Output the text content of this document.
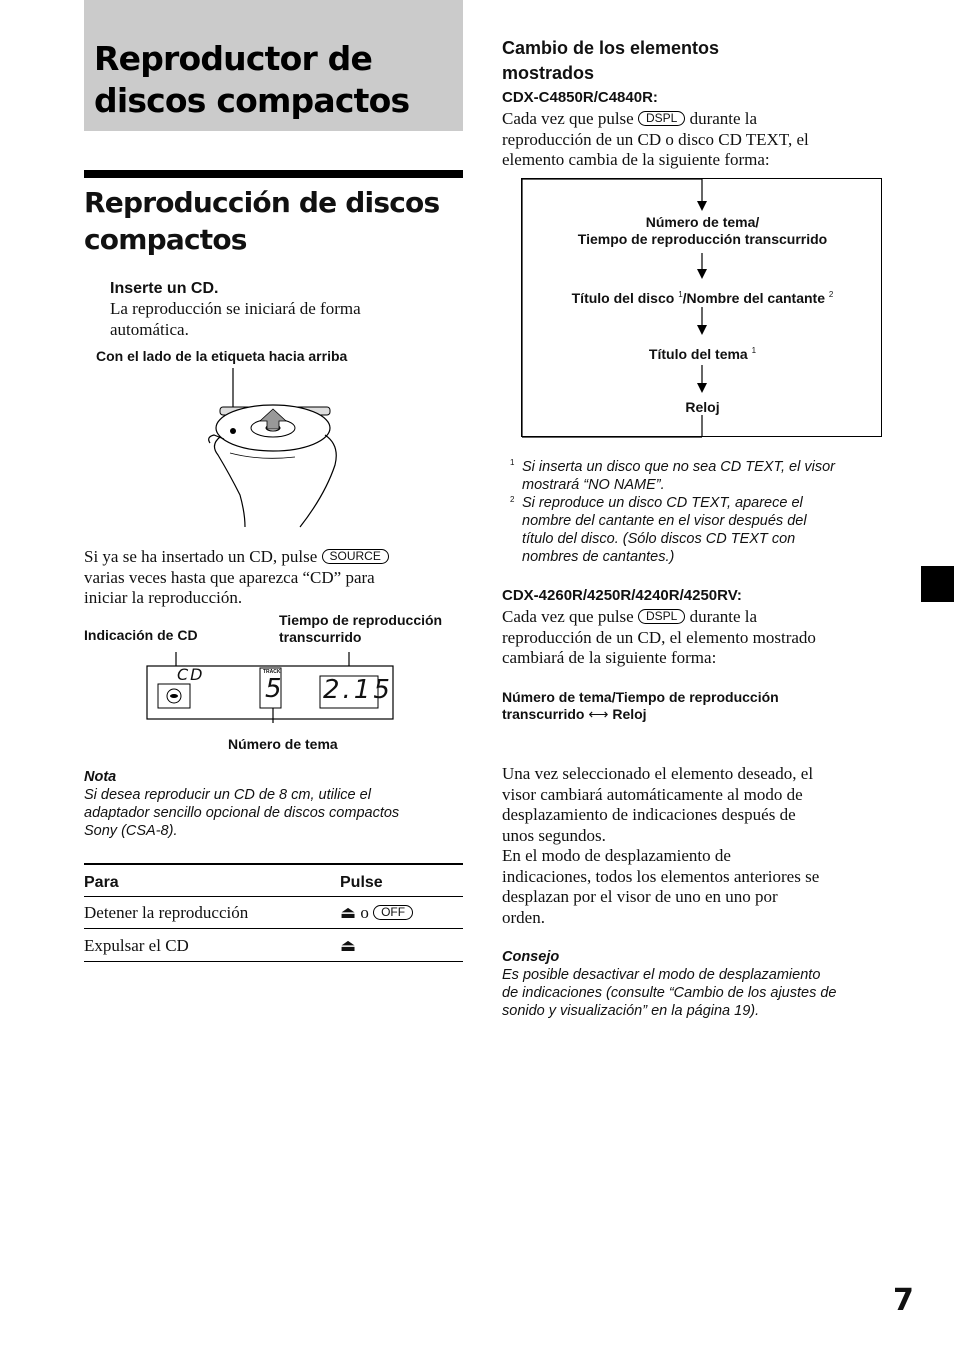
Reproductor de
discos compactos
Reproducción de discos
compactos
Inserte un CD.
La reproducción se iniciará de forma
automática.
Con el lado de la etiqueta hacia arriba
Si ya se ha insertado un CD, pulse SOURCE
varias veces hasta que aparezca “CD” para
iniciar la reproducción.
Indicación de CD
Tiempo de reproducción
transcurrido
CD	TRACK
5 2.15
Número de tema
Nota
Si desea reproducir un CD de 8 cm, utilice el
adaptador sencillo opcional de discos compactos
Sony (CSA-8).
Para	Pulse
Detener la reproducción	⏏ o OFF
Expulsar el CD	⏏
Cambio de los elementos
mostrados
CDX-C4850R/C4840R:
Cada vez que pulse DSPL durante la
reproducción de un CD o disco CD TEXT, el
elemento cambia de la siguiente forma:
Número de tema/
Tiempo de reproducción transcurrido
Título del disco $^1$/Nombre del cantante $^2$
Título del tema $^1$
Reloj
1 Si inserta un disco que no sea CD TEXT, el visor
mostrará “NO NAME”.
2 Si reproduce un disco CD TEXT, aparece el
nombre del cantante en el visor después del
título del disco. (Sólo discos CD TEXT con
nombres de cantantes.)
CDX-4260R/4250R/4240R/4250RV:
Cada vez que pulse DSPL durante la
reproducción de un CD, el elemento mostrado
cambiará de la siguiente forma:
Número de tema/Tiempo de reproducción
transcurrido ⟷ Reloj
Una vez seleccionado el elemento deseado, el
visor cambiará automáticamente al modo de
desplazamiento de indicaciones después de
unos segundos.
En el modo de desplazamiento de
indicaciones, todos los elementos anteriores se
desplazan por el visor de uno en uno por
orden.
Consejo
Es posible desactivar el modo de desplazamiento
de indicaciones (consulte “Cambio de los ajustes de
sonido y visualización” en la página 19).
7
